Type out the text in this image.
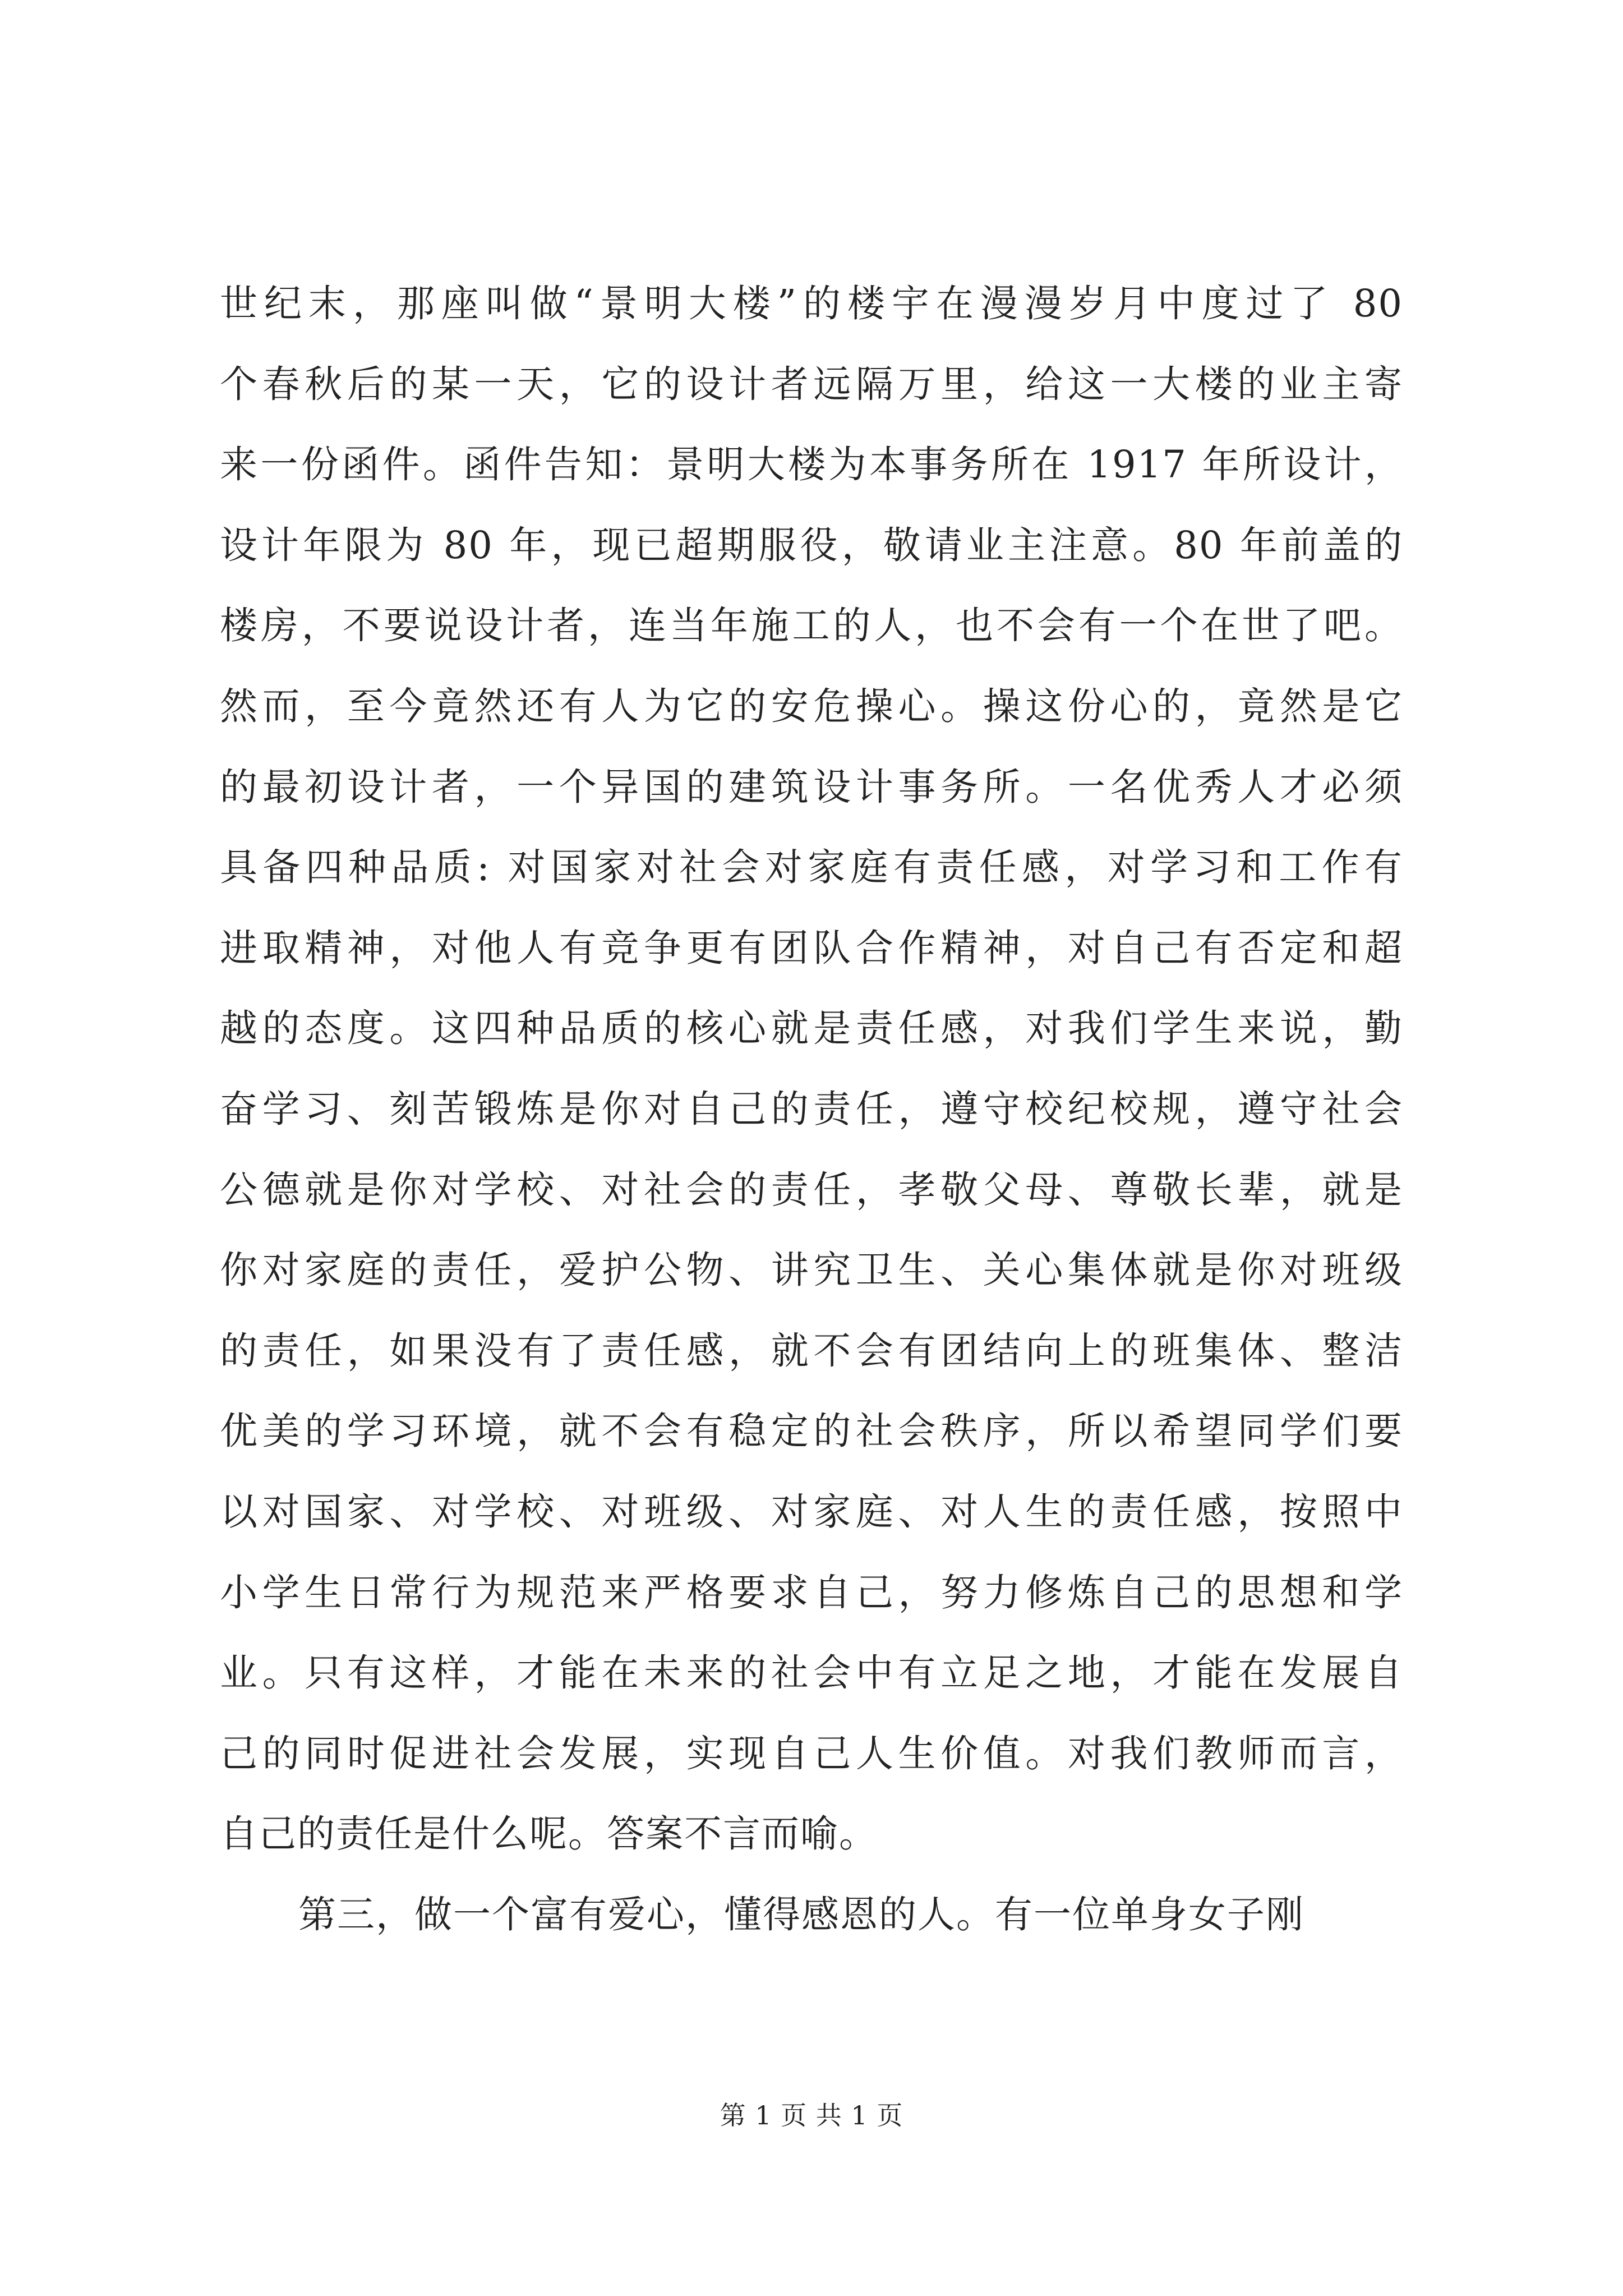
世纪末，那座叫做“景明大楼”的楼宇在漫漫岁月中度过了 80
个春秋后的某一天，它的设计者远隔万里，给这一大楼的业主寄
来一份函件。函件告知：景明大楼为本事务所在 1917 年所设计，
设计年限为 80 年，现已超期服役，敬请业主注意。80 年前盖的
楼房，不要说设计者，连当年施工的人，也不会有一个在世了吧。
然而，至今竟然还有人为它的安危操心。操这份心的，竟然是它
的最初设计者，一个异国的建筑设计事务所。一名优秀人才必须
具备四种品质: 对国家对社会对家庭有责任感，对学习和工作有
进取精神，对他人有竞争更有团队合作精神，对自己有否定和超
越的态度。这四种品质的核心就是责任感，对我们学生来说，勤
奋学习、刻苦锻炼是你对自己的责任，遵守校纪校规，遵守社会
公德就是你对学校、对社会的责任，孝敬父母、尊敬长辈，就是
你对家庭的责任，爱护公物、讲究卫生、关心集体就是你对班级
的责任，如果没有了责任感，就不会有团结向上的班集体、整洁
优美的学习环境，就不会有稳定的社会秩序，所以希望同学们要
以对国家、对学校、对班级、对家庭、对人生的责任感，按照中
小学生日常行为规范来严格要求自己，努力修炼自己的思想和学
业。只有这样，才能在未来的社会中有立足之地，才能在发展自
己的同时促进社会发展，实现自己人生价值。对我们教师而言，
自己的责任是什么呢。答案不言而喻。
第三，做一个富有爱心，懂得感恩的人。有一位单身女子刚
第 1 页 共 1 页
